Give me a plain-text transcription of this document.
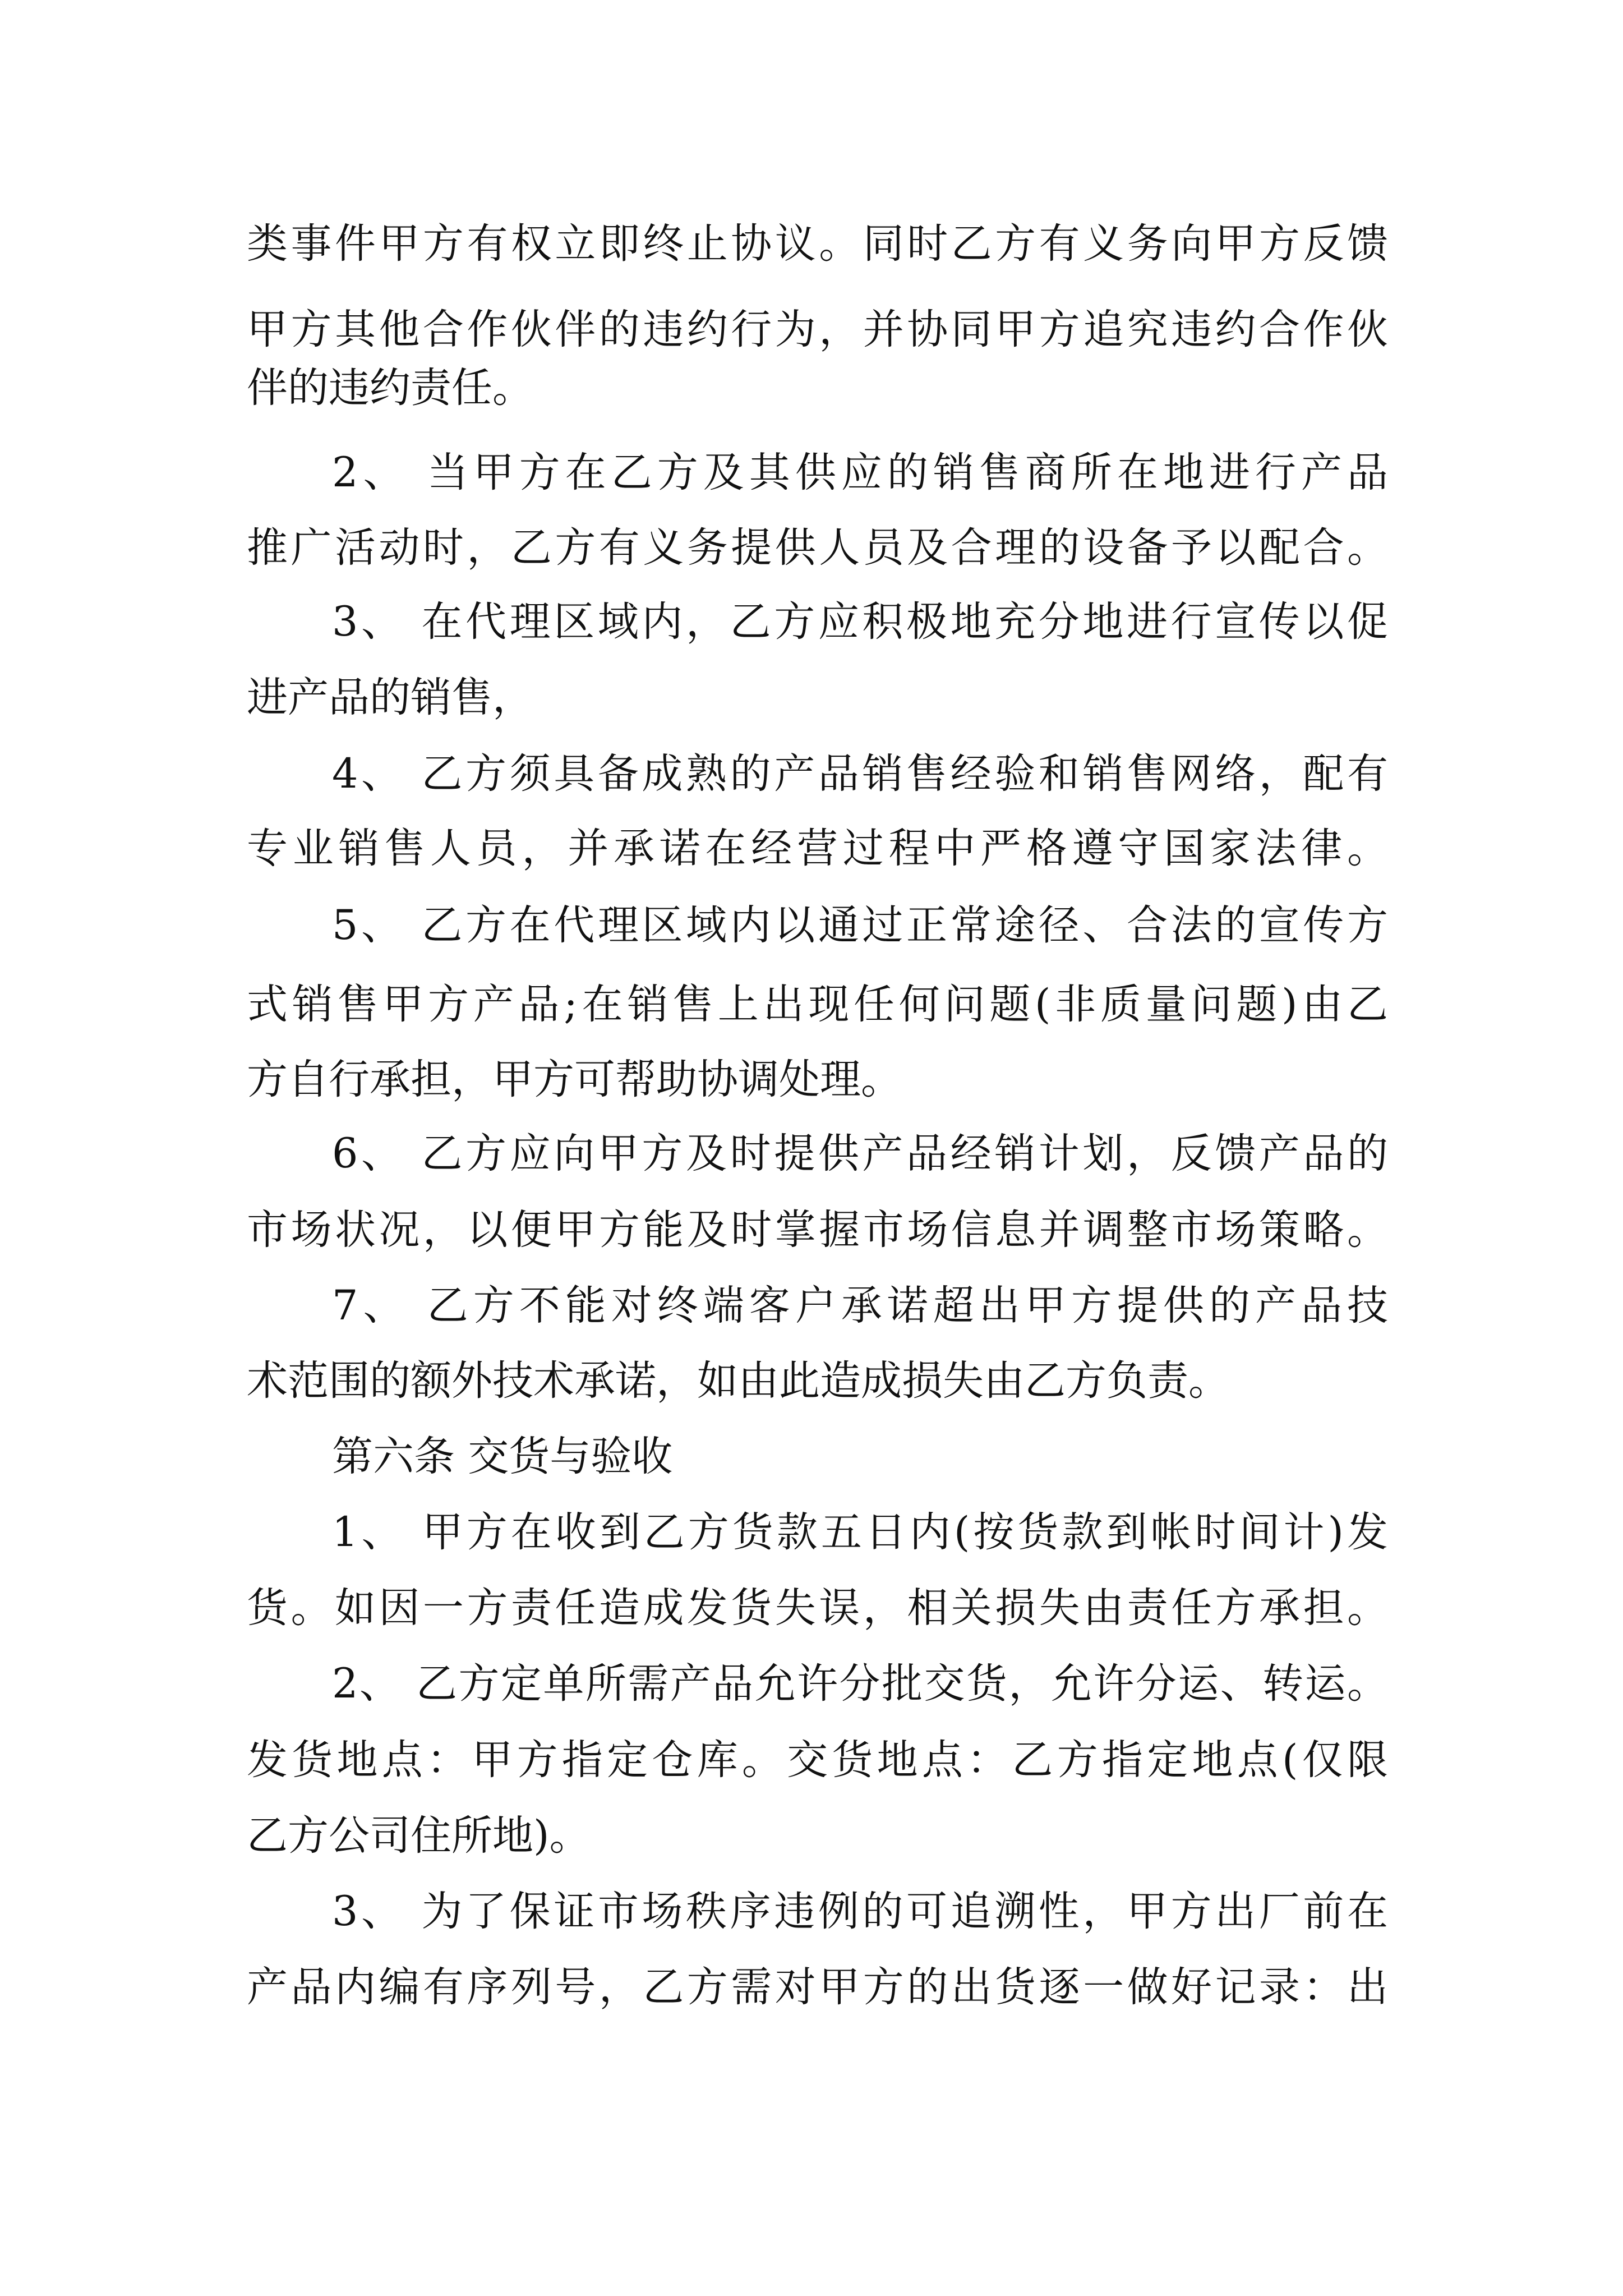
类事件甲方有权立即终止协议。同时乙方有义务向甲方反馈

甲方其他合作伙伴的违约行为，并协同甲方追究违约合作伙

伴的违约责任。

2、 当甲方在乙方及其供应的销售商所在地进行产品

推广活动时，乙方有义务提供人员及合理的设备予以配合。

3、 在代理区域内，乙方应积极地充分地进行宣传以促

进产品的销售，

4、 乙方须具备成熟的产品销售经验和销售网络，配有

专业销售人员，并承诺在经营过程中严格遵守国家法律。

5、 乙方在代理区域内以通过正常途径、合法的宣传方

式销售甲方产品;在销售上出现任何问题(非质量问题)由乙

方自行承担，甲方可帮助协调处理。

6、 乙方应向甲方及时提供产品经销计划，反馈产品的

市场状况，以便甲方能及时掌握市场信息并调整市场策略。

7、 乙方不能对终端客户承诺超出甲方提供的产品技

术范围的额外技术承诺，如由此造成损失由乙方负责。

第六条 交货与验收

1、 甲方在收到乙方货款五日内(按货款到帐时间计)发

货。如因一方责任造成发货失误，相关损失由责任方承担。

2、 乙方定单所需产品允许分批交货，允许分运、转运。

发货地点：甲方指定仓库。交货地点：乙方指定地点(仅限

乙方公司住所地)。

3、 为了保证市场秩序违例的可追溯性，甲方出厂前在

产品内编有序列号，乙方需对甲方的出货逐一做好记录：出
